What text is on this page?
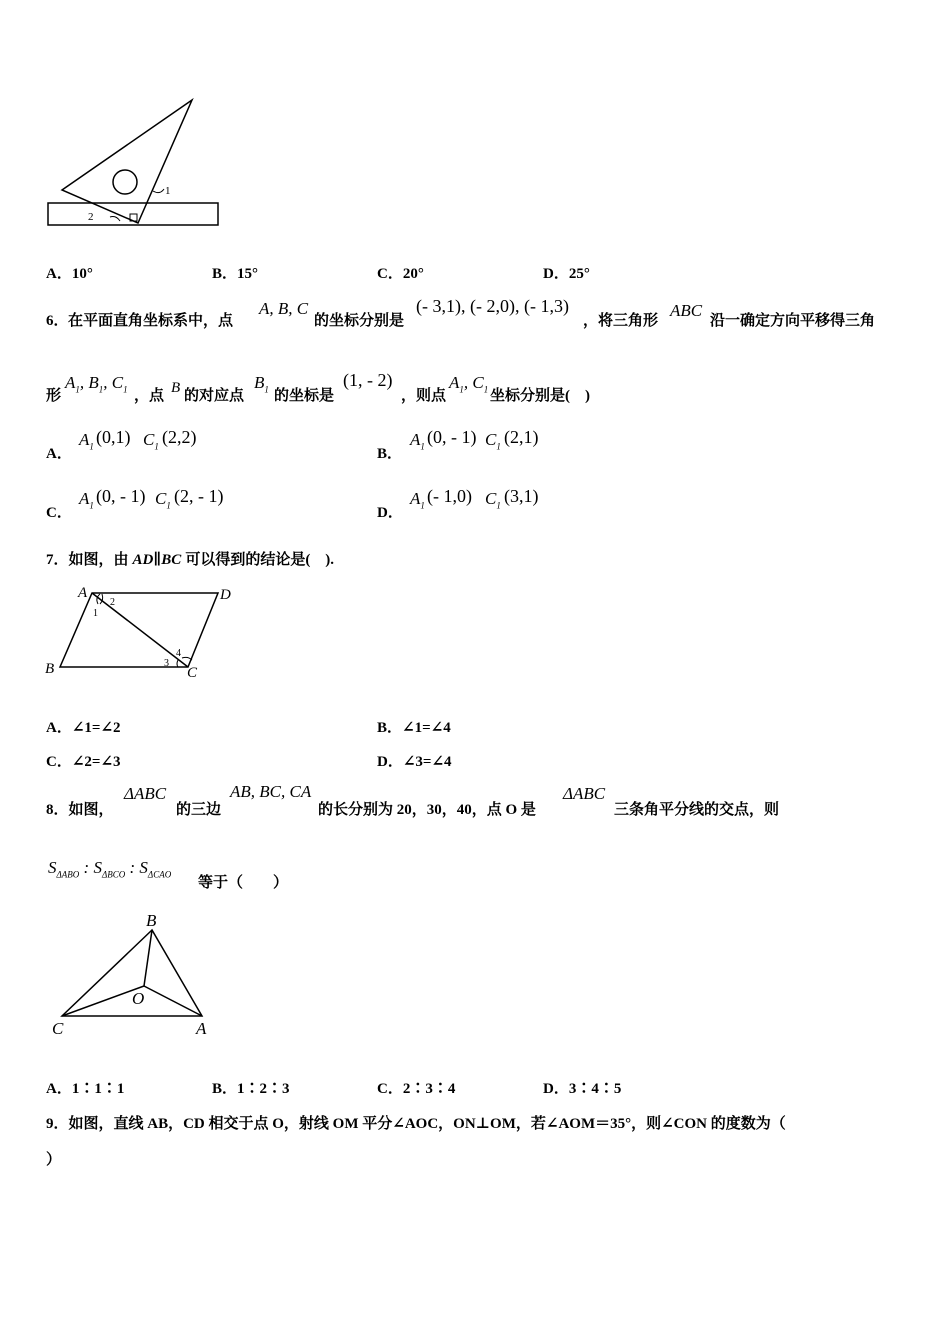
1
2
A．10°	B．15°	C．20°	D．25°
6． 在平面直角坐标系中，点
A, B, C
的坐标分别是
(- 3,1), (- 2,0), (- 1,3)
，将三角形
ABC
沿一确定方向平移得三角
形
$A_1$, $B_1$, $C_1$ ，点 B 的对应点
$B_1$ 的坐标是
(1, - 2)
，则点
$A_1$, $C_1$ 坐标分别是(　)
A．
$A_1$ (0,1) $C_1$ (2,2)
B．
$A_1$ (0, - 1) $C_1$ (2,1)
C．
$A_1$ (0, - 1) $C_1$ (2, - 1)
D．
$A_1$ (- 1,0) $C_1$ (3,1)
7．如图，由 AD∥BC 可以得到的结论是(　).
A	D
B	C
1
2
3
4
A．∠1=∠2	B．∠1=∠4
C．∠2=∠3	D．∠3=∠4
8．如图，
ΔABC
的三边
AB, BC, CA
的长分别为 20，30，40，点 O 是
ΔABC
三条角平分线的交点，则
$S_{\Delta ABO}$ : $S_{\Delta BCO}$ : $S_{\Delta CAO}$
等于（　　）
B
O
C	A
A．1∶1∶1	B．1∶2∶3	C．2∶3∶4	D．3∶4∶5
9．如图，直线 AB，CD 相交于点 O，射线 OM 平分∠AOC，ON⊥OM，若∠AOM＝35°，则∠CON 的度数为（
）
